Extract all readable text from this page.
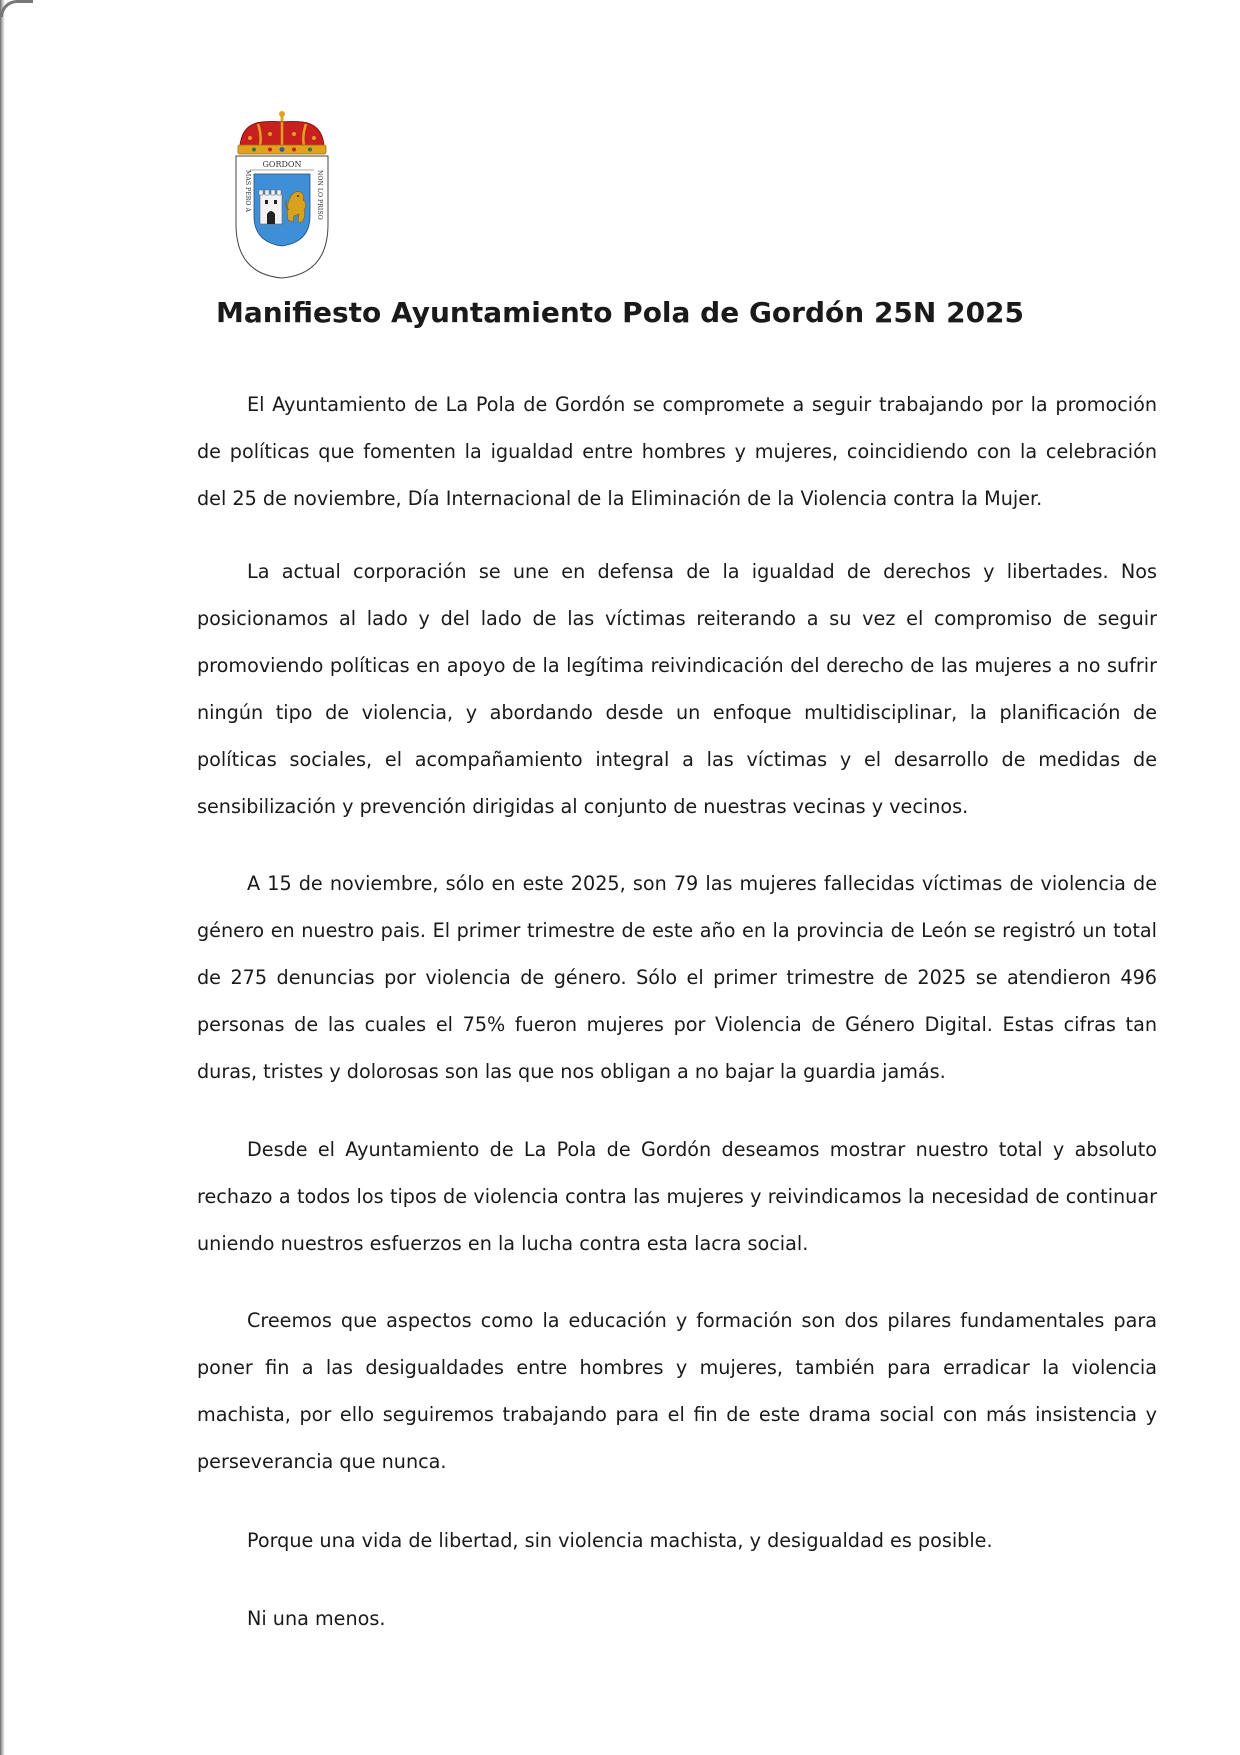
GORDON
MAS PERO A
NON LO PRISO
Manifiesto Ayuntamiento Pola de Gordón 25N 2025

El Ayuntamiento de La Pola de Gordón se compromete a seguir trabajando por la promoción
de políticas que fomenten la igualdad entre hombres y mujeres, coincidiendo con la celebración
del 25 de noviembre, Día Internacional de la Eliminación de la Violencia contra la Mujer.

La actual corporación se une en defensa de la igualdad de derechos y libertades. Nos
posicionamos al lado y del lado de las víctimas reiterando a su vez el compromiso de seguir
promoviendo políticas en apoyo de la legítima reivindicación del derecho de las mujeres a no sufrir
ningún tipo de violencia, y abordando desde un enfoque multidisciplinar, la planificación de
políticas sociales, el acompañamiento integral a las víctimas y el desarrollo de medidas de
sensibilización y prevención dirigidas al conjunto de nuestras vecinas y vecinos.

A 15 de noviembre, sólo en este 2025, son 79 las mujeres fallecidas víctimas de violencia de
género en nuestro pais. El primer trimestre de este año en la provincia de León se registró un total
de 275 denuncias por violencia de género. Sólo el primer trimestre de 2025 se atendieron 496
personas de las cuales el 75% fueron mujeres por Violencia de Género Digital. Estas cifras tan
duras, tristes y dolorosas son las que nos obligan a no bajar la guardia jamás.

Desde el Ayuntamiento de La Pola de Gordón deseamos mostrar nuestro total y absoluto
rechazo a todos los tipos de violencia contra las mujeres y reivindicamos la necesidad de continuar
uniendo nuestros esfuerzos en la lucha contra esta lacra social.

Creemos que aspectos como la educación y formación son dos pilares fundamentales para
poner fin a las desigualdades entre hombres y mujeres, también para erradicar la violencia
machista, por ello seguiremos trabajando para el fin de este drama social con más insistencia y
perseverancia que nunca.

Porque una vida de libertad, sin violencia machista, y desigualdad es posible.

Ni una menos.
